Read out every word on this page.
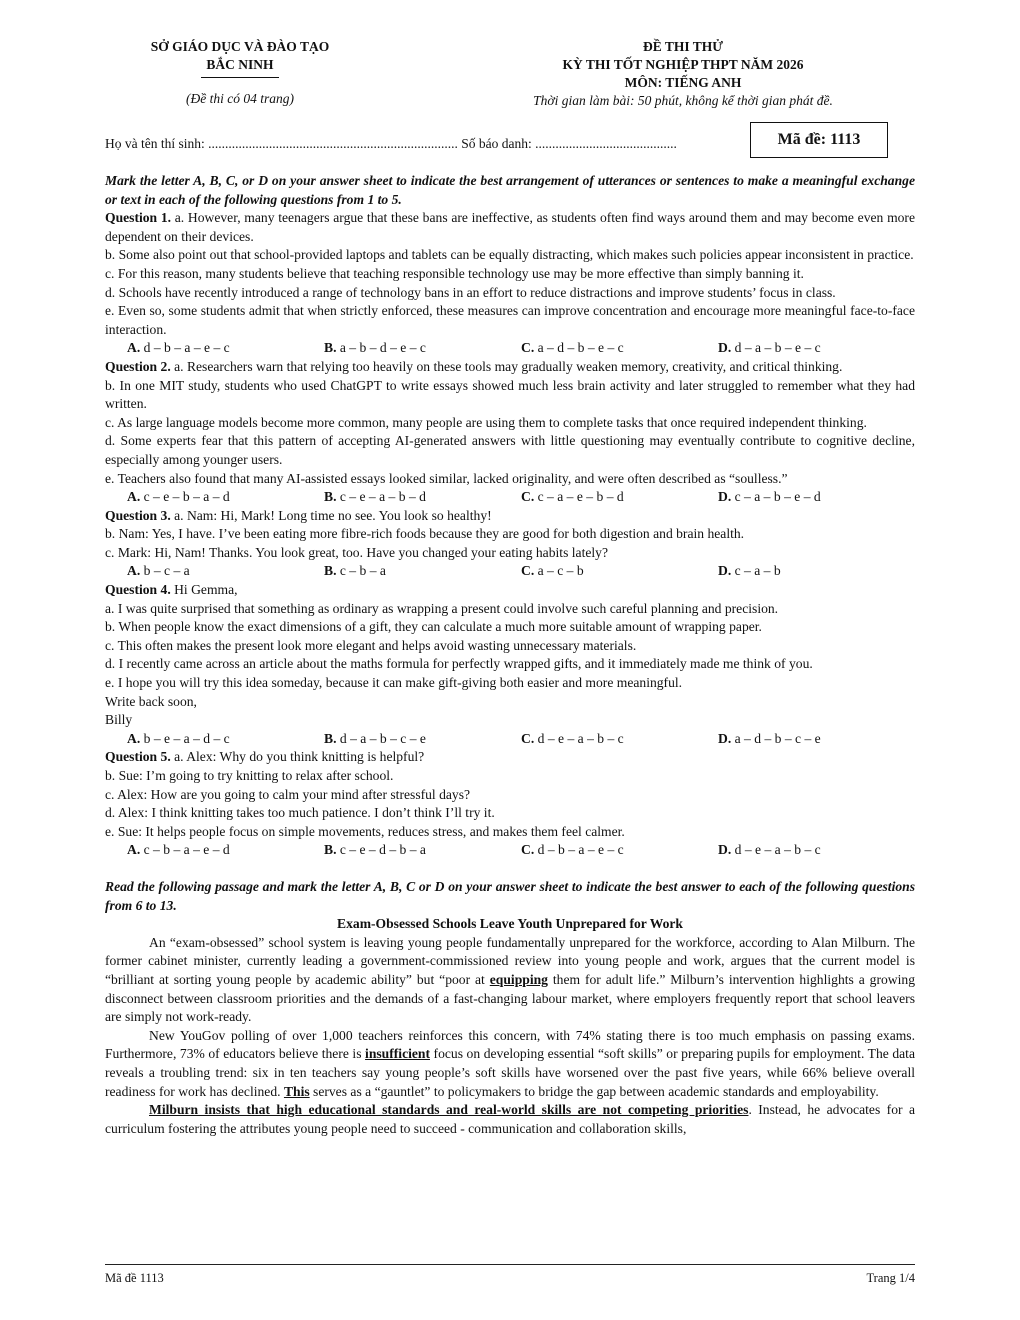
SỞ GIÁO DỤC VÀ ĐÀO TẠO
BẮC NINH
(Đề thi có 04 trang)
ĐỀ THI THỬ
KỲ THI TỐT NGHIỆP THPT NĂM 2026
MÔN: TIẾNG ANH
Thời gian làm bài: 50 phút, không kể thời gian phát đề.
Họ và tên thí sinh: .......................................................................... Số báo danh: ..........................................	Mã đề: 1113

Mark the letter A, B, C, or D on your answer sheet to indicate the best arrangement of utterances or sentences to make a meaningful exchange or text in each of the following questions from 1 to 5.

Question 1. a. However, many teenagers argue that these bans are ineffective, as students often find ways around them and may become even more dependent on their devices.

b. Some also point out that school-provided laptops and tablets can be equally distracting, which makes such policies appear inconsistent in practice.

c. For this reason, many students believe that teaching responsible technology use may be more effective than simply banning it.

d. Schools have recently introduced a range of technology bans in an effort to reduce distractions and improve students’ focus in class.

e. Even so, some students admit that when strictly enforced, these measures can improve concentration and encourage more meaningful face-to-face interaction.

A. d – b – a – e – c	B. a – b – d – e – c	C. a – d – b – e – c	D. d – a – b – e – c

Question 2. a. Researchers warn that relying too heavily on these tools may gradually weaken memory, creativity, and critical thinking.

b. In one MIT study, students who used ChatGPT to write essays showed much less brain activity and later struggled to remember what they had written.

c. As large language models become more common, many people are using them to complete tasks that once required independent thinking.

d. Some experts fear that this pattern of accepting AI-generated answers with little questioning may eventually contribute to cognitive decline, especially among younger users.

e. Teachers also found that many AI-assisted essays looked similar, lacked originality, and were often described as “soulless.”

A. c – e – b – a – d	B. c – e – a – b – d	C. c – a – e – b – d	D. c – a – b – e – d

Question 3. a. Nam: Hi, Mark! Long time no see. You look so healthy!

b. Nam: Yes, I have. I’ve been eating more fibre-rich foods because they are good for both digestion and brain health.

c. Mark: Hi, Nam! Thanks. You look great, too. Have you changed your eating habits lately?

A. b – c – a	B. c – b – a	C. a – c – b	D. c – a – b

Question 4. Hi Gemma,

a. I was quite surprised that something as ordinary as wrapping a present could involve such careful planning and precision.

b. When people know the exact dimensions of a gift, they can calculate a much more suitable amount of wrapping paper.

c. This often makes the present look more elegant and helps avoid wasting unnecessary materials.

d. I recently came across an article about the maths formula for perfectly wrapped gifts, and it immediately made me think of you.

e. I hope you will try this idea someday, because it can make gift-giving both easier and more meaningful.

Write back soon,

Billy

A. b – e – a – d – c	B. d – a – b – c – e	C. d – e – a – b – c	D. a – d – b – c – e

Question 5. a. Alex: Why do you think knitting is helpful?

b. Sue: I’m going to try knitting to relax after school.

c. Alex: How are you going to calm your mind after stressful days?

d. Alex: I think knitting takes too much patience. I don’t think I’ll try it.

e. Sue: It helps people focus on simple movements, reduces stress, and makes them feel calmer.

A. c – b – a – e – d	B. c – e – d – b – a	C. d – b – a – e – c	D. d – e – a – b – c

Read the following passage and mark the letter A, B, C or D on your answer sheet to indicate the best answer to each of the following questions from 6 to 13.

Exam-Obsessed Schools Leave Youth Unprepared for Work

An “exam-obsessed” school system is leaving young people fundamentally unprepared for the workforce, according to Alan Milburn. The former cabinet minister, currently leading a government-commissioned review into young people and work, argues that the current model is “brilliant at sorting young people by academic ability” but “poor at equipping them for adult life.” Milburn’s intervention highlights a growing disconnect between classroom priorities and the demands of a fast-changing labour market, where employers frequently report that school leavers are simply not work-ready.

New YouGov polling of over 1,000 teachers reinforces this concern, with 74% stating there is too much emphasis on passing exams. Furthermore, 73% of educators believe there is insufficient focus on developing essential “soft skills” or preparing pupils for employment. The data reveals a troubling trend: six in ten teachers say young people’s soft skills have worsened over the past five years, while 66% believe overall readiness for work has declined. This serves as a “gauntlet” to policymakers to bridge the gap between academic standards and employability.

Milburn insists that high educational standards and real-world skills are not competing priorities. Instead, he advocates for a curriculum fostering the attributes young people need to succeed - communication and collaboration skills,

Mã đề 1113	Trang 1/4
